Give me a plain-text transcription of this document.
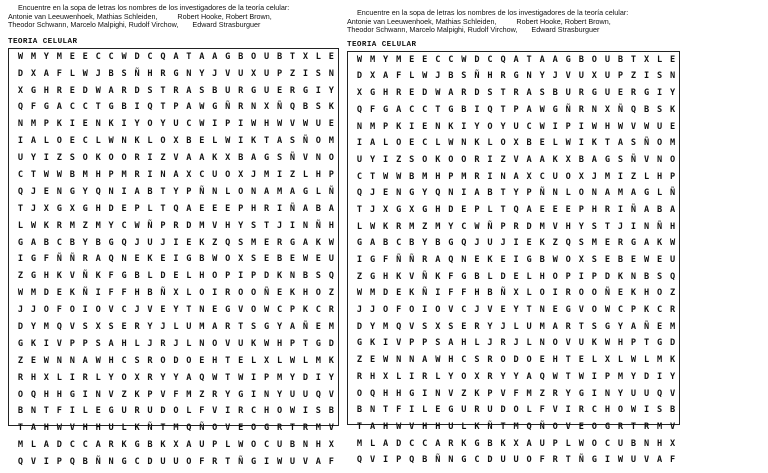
Encuentre en la sopa de letras los nombres de los investigadores de la teoría celular:
Antonie van Leeuwenhoek, Mathias Schleiden,          Robert Hooke, Robert Brown,
Theodor Schwann, Marcelo Malpighi, Rudolf Virchow,       Edward Strasburguer
TEORIA CELULAR
W M Y M E E C C W D C Q A T A A G B O U B T X L E
D X A F L W J B S Ñ H R G N Y J V U X U P Z I S N
X G H R E D W A R D S T R A S B U R G U E R G I Y
Q F G A C C T G B I Q T P A W G Ñ R N X Ñ Q B S K
N M P K I E N K I Y O Y U C W I P I W H W V W U E
I A L O E C L W N K L O X B E L W I K T A S Ñ O M
U Y I Z S O K O O R I Z V A A K X B A G S Ñ V N O
C T W W B M H P M R I N A X C U O X J M I Z L H P
Q J E N G Y Q N I A B T Y P Ñ N L O N A M A G L Ñ
T J X G X G H D E P L T Q A E E E P H R I Ñ A B A
L W K R M Z M Y C W Ñ P R D M V H Y S T J I N Ñ H
G A B C B Y B G Q J U J I E K Z Q S M E R G A K W
I G F Ñ Ñ R A Q N E K E I G B W O X S E B E W E U
Z G H K V Ñ K F G B L D E L H O P I P D K N B S Q
W M D E K Ñ I F F H B Ñ X L O I R O O Ñ E K H O Z
J J O F O I O V C J V E Y T N E G V O W C P K C R
D Y M Q V S X S E R Y J L U M A R T S G Y A Ñ E M
G K I V P P S A H L J R J L N O V U K W H P T G D
Z E W N N A W H C S R O D O E H T E L X L W L M K
R H X L I R L Y O X R Y Y A Q W T W I P M Y D I Y
O Q H H G I N V Z K P V F M Z R Y G I N Y U U Q V
B N T F I L E G U R U D O L F V I R C H O W I S B
T A H W V H H U L K Ñ T M Q Ñ O V E O G R T R M V
M L A D C C A R K G B K X A U P L W O C U B N H X
Q V I P Q B Ñ N G C D U U O F R T Ñ G I W U V A F
Encuentre en la sopa de letras los nombres de los investigadores de la teoría celular:
Antonie van Leeuwenhoek, Mathias Schleiden,          Robert Hooke, Robert Brown,
Theodor Schwann, Marcelo Malpighi, Rudolf Virchow,       Edward Strasburguer
TEORIA CELULAR
W M Y M E E C C W D C Q A T A A G B O U B T X L E
D X A F L W J B S Ñ H R G N Y J V U X U P Z I S N
X G H R E D W A R D S T R A S B U R G U E R G I Y
Q F G A C C T G B I Q T P A W G Ñ R N X Ñ Q B S K
N M P K I E N K I Y O Y U C W I P I W H W V W U E
I A L O E C L W N K L O X B E L W I K T A S Ñ O M
U Y I Z S O K O O R I Z V A A K X B A G S Ñ V N O
C T W W B M H P M R I N A X C U O X J M I Z L H P
Q J E N G Y Q N I A B T Y P Ñ N L O N A M A G L Ñ
T J X G X G H D E P L T Q A E E E P H R I Ñ A B A
L W K R M Z M Y C W Ñ P R D M V H Y S T J I N Ñ H
G A B C B Y B G Q J U J I E K Z Q S M E R G A K W
I G F Ñ Ñ R A Q N E K E I G B W O X S E B E W E U
Z G H K V Ñ K F G B L D E L H O P I P D K N B S Q
W M D E K Ñ I F F H B Ñ X L O I R O O Ñ E K H O Z
J J O F O I O V C J V E Y T N E G V O W C P K C R
D Y M Q V S X S E R Y J L U M A R T S G Y A Ñ E M
G K I V P P S A H L J R J L N O V U K W H P T G D
Z E W N N A W H C S R O D O E H T E L X L W L M K
R H X L I R L Y O X R Y Y A Q W T W I P M Y D I Y
O Q H H G I N V Z K P V F M Z R Y G I N Y U U Q V
B N T F I L E G U R U D O L F V I R C H O W I S B
T A H W V H H U L K Ñ T M Q Ñ O V E O G R T R M V
M L A D C C A R K G B K X A U P L W O C U B N H X
Q V I P Q B Ñ N G C D U U O F R T Ñ G I W U V A F
